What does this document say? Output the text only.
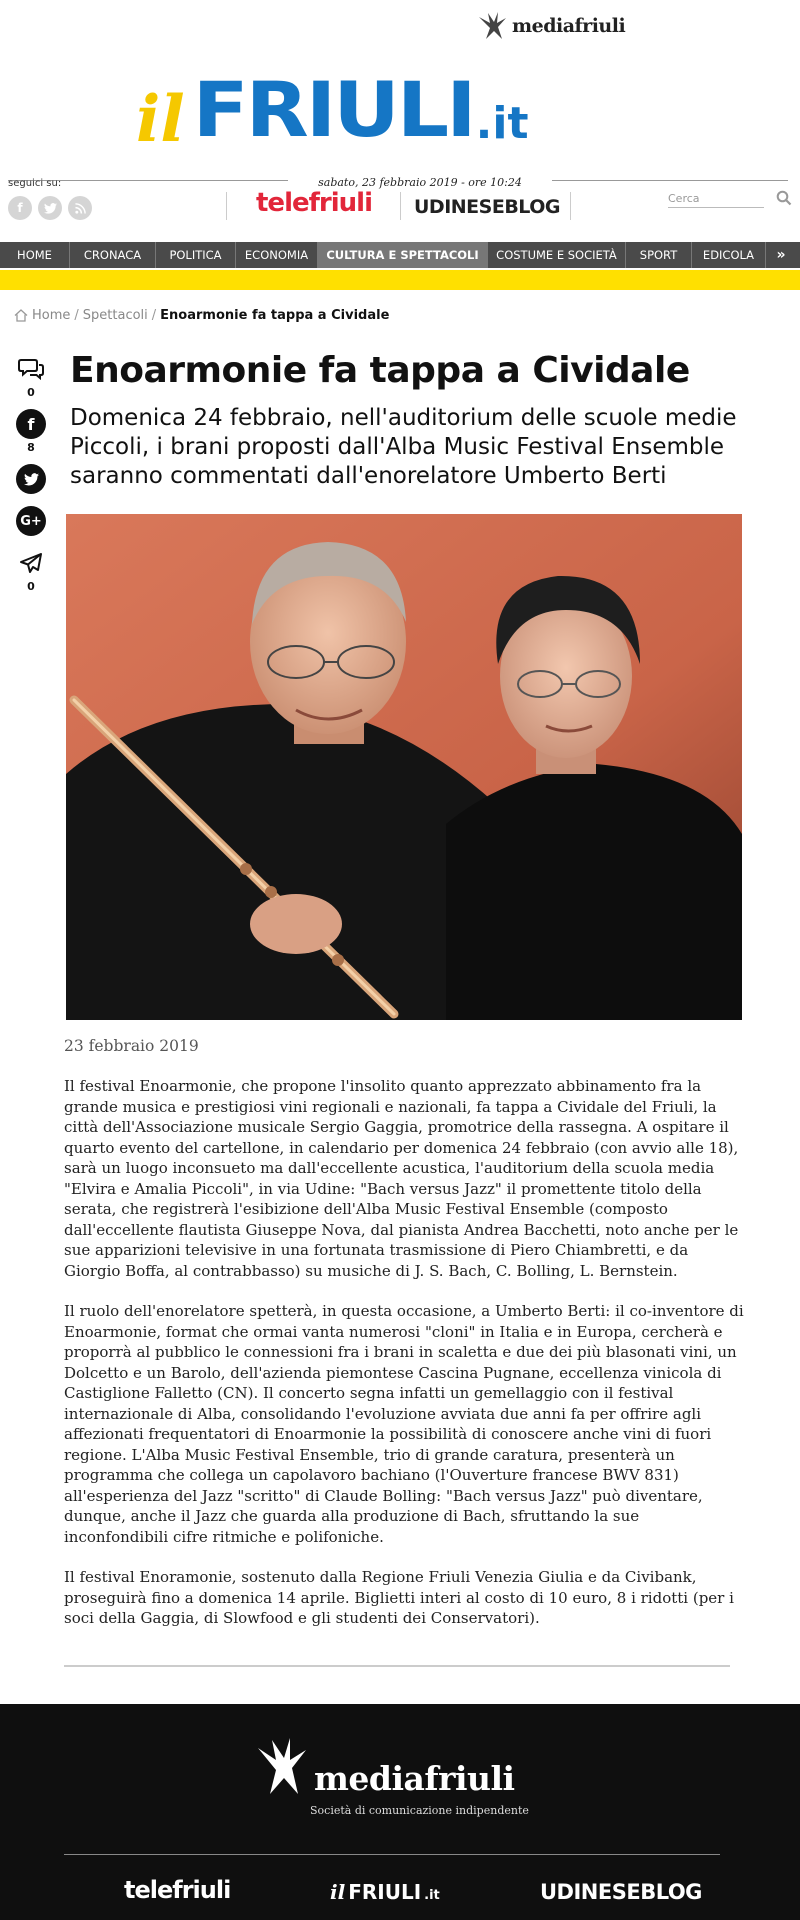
mediafriuli
il FRIULI .it
sabato, 23 febbraio 2019 - ore 10:24
seguici su:
f	telefriuli UDINESEBLOG	Cerca
HOME	CRONACA	POLITICA	ECONOMIA	CULTURA E SPETTACOLI	COSTUME E SOCIETÀ	SPORT	EDICOLA	»
Home / Spettacoli / Enoarmonie fa tappa a Cividale
0
f
8
G+
0
Enoarmonie fa tappa a Cividale
Domenica 24 febbraio, nell'auditorium delle scuole medie Piccoli, i brani proposti dall'Alba Music Festival Ensemble saranno commentati dall'enorelatore Umberto Berti
23 febbraio 2019

Il festival Enoarmonie, che propone l'insolito quanto apprezzato abbinamento fra la grande musica e prestigiosi vini regionali e nazionali, fa tappa a Cividale del Friuli, la città dell'Associazione musicale Sergio Gaggia, promotrice della rassegna. A ospitare il quarto evento del cartellone, in calendario per domenica 24 febbraio (con avvio alle 18), sarà un luogo inconsueto ma dall'eccellente acustica, l'auditorium della scuola media "Elvira e Amalia Piccoli", in via Udine: "Bach versus Jazz" il promettente titolo della serata, che registrerà l'esibizione dell'Alba Music Festival Ensemble (composto dall'eccellente flautista Giuseppe Nova, dal pianista Andrea Bacchetti, noto anche per le sue apparizioni televisive in una fortunata trasmissione di Piero Chiambretti, e da Giorgio Boffa, al contrabbasso) su musiche di J. S. Bach, C. Bolling, L. Bernstein.

Il ruolo dell'enorelatore spetterà, in questa occasione, a Umberto Berti: il co-inventore di Enoarmonie, format che ormai vanta numerosi "cloni" in Italia e in Europa, cercherà e proporrà al pubblico le connessioni fra i brani in scaletta e due dei più blasonati vini, un Dolcetto e un Barolo, dell'azienda piemontese Cascina Pugnane, eccellenza vinicola di Castiglione Falletto (CN). Il concerto segna infatti un gemellaggio con il festival internazionale di Alba, consolidando l'evoluzione avviata due anni fa per offrire agli affezionati frequentatori di Enoarmonie la possibilità di conoscere anche vini di fuori regione. L'Alba Music Festival Ensemble, trio di grande caratura, presenterà un programma che collega un capolavoro bachiano (l'Ouverture francese BWV 831) all'esperienza del Jazz "scritto" di Claude Bolling: "Bach versus Jazz" può diventare, dunque, anche il Jazz che guarda alla produzione di Bach, sfruttando la sue inconfondibili cifre ritmiche e polifoniche.

Il festival Enoramonie, sostenuto dalla Regione Friuli Venezia Giulia e da Civibank, proseguirà fino a domenica 14 aprile. Biglietti interi al costo di 10 euro, 8 i ridotti (per i soci della Gaggia, di Slowfood e gli studenti dei Conservatori).

mediafriuli
Società di comunicazione indipendente
telefriuli	il FRIULI .it	UDINESEBLOG
